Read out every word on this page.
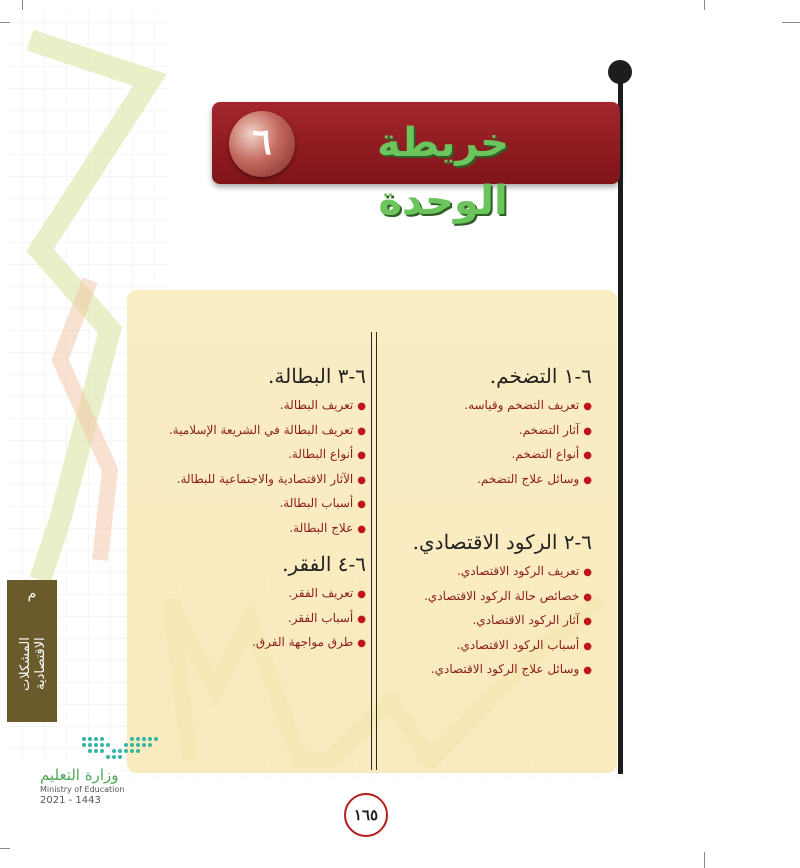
خريطة الوحدة
٦
٦-١ التضخم.
● تعريف التضخم وقياسه.
● آثار التضخم.
● أنواع التضخم.
● وسائل علاج التضخم.
٦-٢ الركود الاقتصادي.
● تعريف الركود الاقتصادي.
● خصائص حالة الركود الاقتصادي.
● آثار الركود الاقتصادي.
● أسباب الركود الاقتصادي.
● وسائل علاج الركود الاقتصادي.
٦-٣ البطالة.
● تعريف البطالة.
● تعريف البطالة في الشريعة الإسلامية.
● أنواع البطالة.
● الآثار الاقتصادية والاجتماعية للبطالة.
● أسباب البطالة.
● علاج البطالة.
٦-٤ الفقر.
● تعريف الفقر.
● أسباب الفقر.
● طرق مواجهة الفرق.
م
المشكلات الاقتصادية
وزارة التعليم
Ministry of Education
2021 - 1443
١٦٥
